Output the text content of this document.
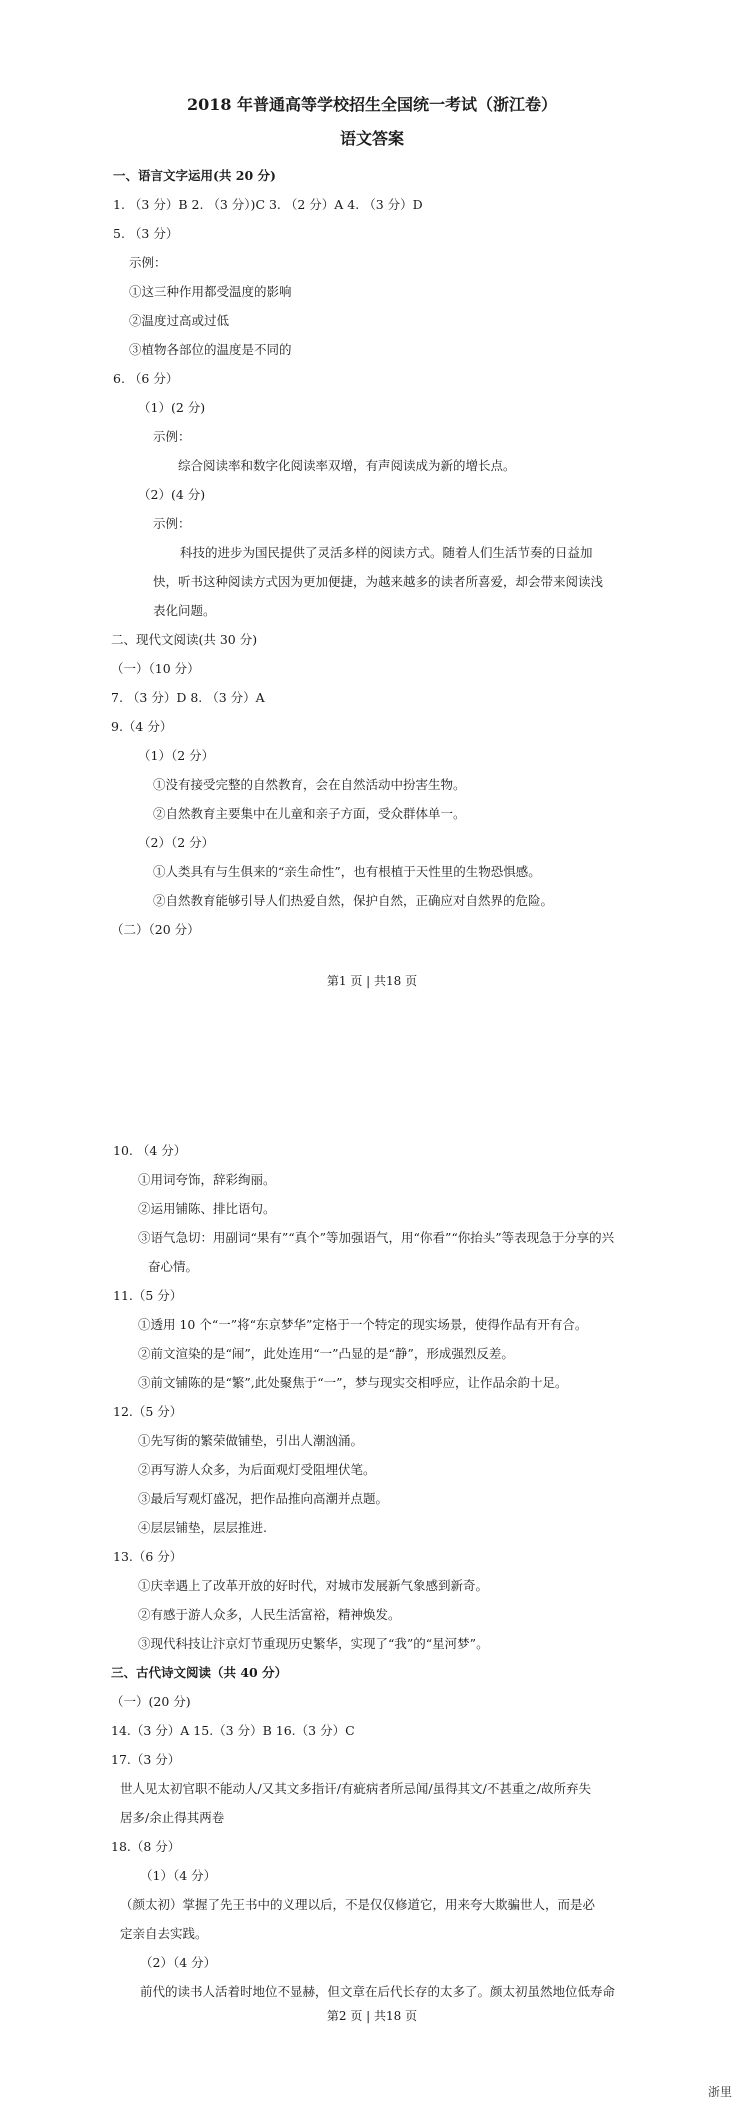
2018 年普通高等学校招生全国统一考试（浙江卷）
语文答案
一、语言文字运用(共 20 分)
1. （3 分）B 2. （3 分）)C 3. （2 分）A 4. （3 分）D
5. （3 分）
示例：
①这三种作用都受温度的影响
②温度过高或过低
③植物各部位的温度是不同的
6. （6 分）
（1）(2 分)
示例：
综合阅读率和数字化阅读率双增，有声阅读成为新的增长点。
（2）(4 分)
示例：
科技的进步为国民提供了灵活多样的阅读方式。随着人们生活节奏的日益加
快，听书这种阅读方式因为更加便捷，为越来越多的读者所喜爱，却会带来阅读浅
表化问题。
二、现代文阅读(共 30 分)
（一）（10 分）
7. （3 分）D 8. （3 分）A
9.（4 分）
（1）（2 分）
①没有接受完整的自然教育，会在自然活动中扮害生物。
②自然教育主要集中在儿童和亲子方面，受众群体单一。
（2）（2 分）
①人类具有与生俱来的“亲生命性”，也有根植于天性里的生物恐惧感。
②自然教育能够引导人们热爱自然，保护自然，正确应对自然界的危险。
（二）（20 分）
第1 页 | 共18 页
10. （4 分）
①用词夸饰，辞彩绚丽。
②运用铺陈、排比语句。
③语气急切：用副词“果有”“真个”等加强语气，用“你看”“你抬头”等表现急于分享的兴
奋心情。
11.（5 分）
①透用 10 个“一”将“东京梦华”定格于一个特定的现实场景，使得作品有开有合。
②前文渲染的是“闹”，此处连用“一”凸显的是“静”，形成强烈反差。
③前文铺陈的是“繁”,此处聚焦于“一”，梦与现实交相呼应，让作品余韵十足。
12.（5 分）
①先写街的繁荣做铺垫，引出人潮汹涌。
②再写游人众多，为后面观灯受阻埋伏笔。
③最后写观灯盛况，把作品推向高潮并点题。
④层层铺垫，层层推进.
13.（6 分）
①庆幸遇上了改革开放的好时代，对城市发展新气象感到新奇。
②有感于游人众多，人民生活富裕，精神焕发。
③现代科技让汴京灯节重现历史繁华，实现了“我”的“星河梦”。
三、古代诗文阅读（共 40 分）
（一）(20 分)
14.（3 分）A 15.（3 分）B 16.（3 分）C
17.（3 分）
世人见太初官职不能动人/又其文多指讦/有疵病者所忌闻/虽得其文/不甚重之/故所弃失
居多/余止得其两卷
18.（8 分）
（1）（4 分）
（颜太初）掌握了先王书中的义理以后，不是仅仅修道它，用来夸大欺骗世人，而是必
定亲自去实践。
（2）（4 分）
前代的读书人活着时地位不显赫，但文章在后代长存的太多了。颜太初虽然地位低寿命
第2 页 | 共18 页
浙里
